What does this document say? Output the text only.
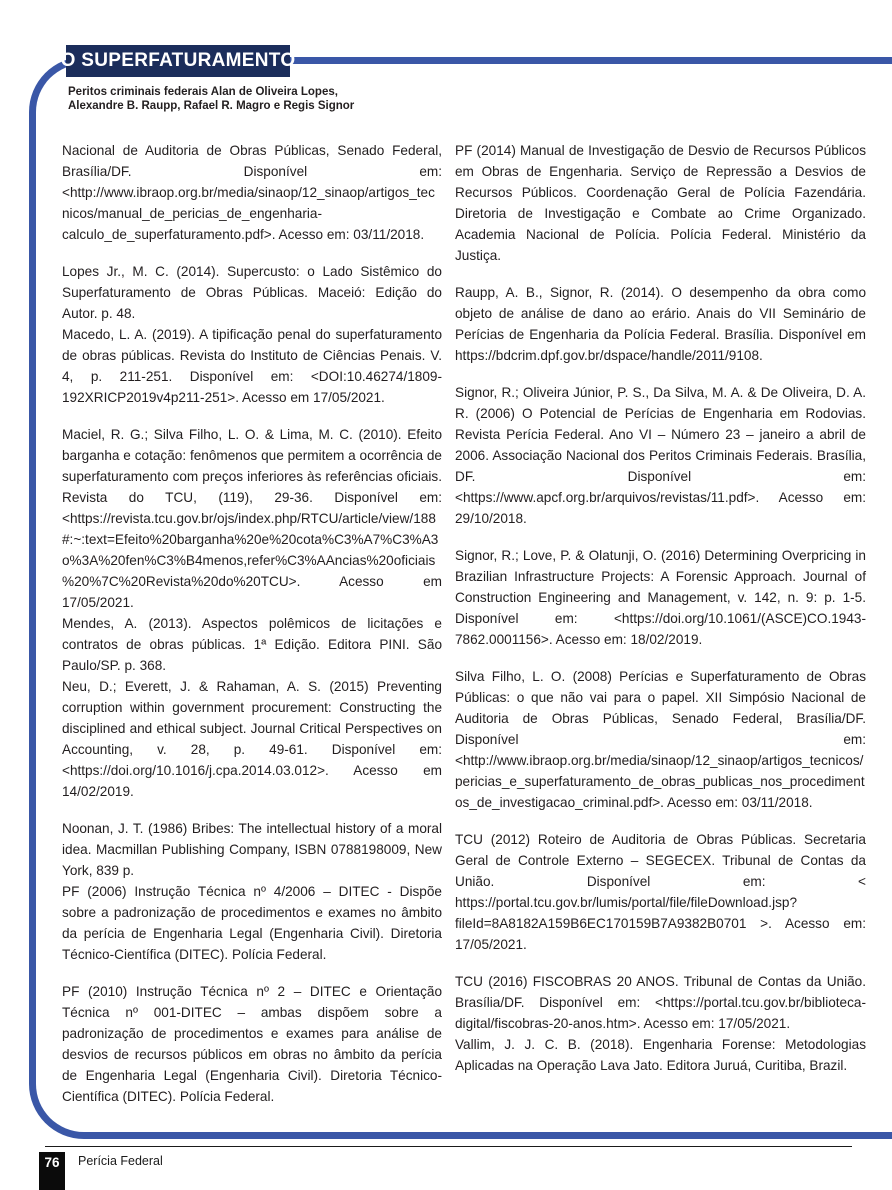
O SUPERFATURAMENTO
Peritos criminais federais Alan de Oliveira Lopes,
Alexandre B. Raupp, Rafael R. Magro e Regis Signor

Nacional de Auditoria de Obras Públicas, Senado Federal, Brasília/DF. Disponível em: <http://www.ibraop.org.br/media/sinaop/12_sinaop/artigos_tecnicos/manual_de_pericias_de_engenharia-calculo_de_superfaturamento.pdf>. Acesso em: 03/11/2018.

Lopes Jr., M. C. (2014). Supercusto: o Lado Sistêmico do Superfaturamento de Obras Públicas. Maceió: Edição do Autor. p. 48.

Macedo, L. A. (2019). A tipificação penal do superfaturamento de obras públicas. Revista do Instituto de Ciências Penais. V. 4, p. 211-251. Disponível em: <DOI:10.46274/1809-192XRICP2019v4p211-251>. Acesso em 17/05/2021.

Maciel, R. G.; Silva Filho, L. O. & Lima, M. C. (2010). Efeito barganha e cotação: fenômenos que permitem a ocorrência de superfaturamento com preços inferiores às referências oficiais. Revista do TCU, (119), 29-36. Disponível em: <https://revista.tcu.gov.br/ojs/index.php/RTCU/article/view/188#:~:text=Efeito%20barganha%20e%20cota%C3%A7%C3%A3o%3A%20fen%C3%B4menos,refer%C3%AAncias%20oficiais%20%7C%20Revista%20do%20TCU>. Acesso em 17/05/2021.

Mendes, A. (2013). Aspectos polêmicos de licitações e contratos de obras públicas. 1ª Edição. Editora PINI. São Paulo/SP. p. 368.

Neu, D.; Everett, J. & Rahaman, A. S. (2015) Preventing corruption within government procurement: Constructing the disciplined and ethical subject. Journal Critical Perspectives on Accounting, v. 28, p. 49-61. Disponível em: <https://doi.org/10.1016/j.cpa.2014.03.012>. Acesso em 14/02/2019.

Noonan, J. T. (1986) Bribes: The intellectual history of a moral idea. Macmillan Publishing Company, ISBN 0788198009, New York, 839 p.

PF (2006) Instrução Técnica nº 4/2006 – DITEC - Dispõe sobre a padronização de procedimentos e exames no âmbito da perícia de Engenharia Legal (Engenharia Civil). Diretoria Técnico-Científica (DITEC). Polícia Federal.

PF (2010) Instrução Técnica nº 2 – DITEC e Orientação Técnica nº 001-DITEC – ambas dispõem sobre a padronização de procedimentos e exames para análise de desvios de recursos públicos em obras no âmbito da perícia de Engenharia Legal (Engenharia Civil). Diretoria Técnico-Científica (DITEC). Polícia Federal.

PF (2014) Manual de Investigação de Desvio de Recursos Públicos em Obras de Engenharia. Serviço de Repressão a Desvios de Recursos Públicos. Coordenação Geral de Polícia Fazendária. Diretoria de Investigação e Combate ao Crime Organizado. Academia Nacional de Polícia. Polícia Federal. Ministério da Justiça.

Raupp, A. B., Signor, R. (2014). O desempenho da obra como objeto de análise de dano ao erário. Anais do VII Seminário de Perícias de Engenharia da Polícia Federal. Brasília. Disponível em https://bdcrim.dpf.gov.br/dspace/handle/2011/9108.

Signor, R.; Oliveira Júnior, P. S., Da Silva, M. A. & De Oliveira, D. A. R. (2006) O Potencial de Perícias de Engenharia em Rodovias. Revista Perícia Federal. Ano VI – Número 23 – janeiro a abril de 2006. Associação Nacional dos Peritos Criminais Federais. Brasília, DF. Disponível em: <https://www.apcf.org.br/arquivos/revistas/11.pdf>. Acesso em: 29/10/2018.

Signor, R.; Love, P. & Olatunji, O. (2016) Determining Overpricing in Brazilian Infrastructure Projects: A Forensic Approach. Journal of Construction Engineering and Management, v. 142, n. 9: p. 1-5. Disponível em: <https://doi.org/10.1061/(ASCE)CO.1943-7862.0001156>. Acesso em: 18/02/2019.

Silva Filho, L. O. (2008) Perícias e Superfaturamento de Obras Públicas: o que não vai para o papel. XII Simpósio Nacional de Auditoria de Obras Públicas, Senado Federal, Brasília/DF. Disponível em: <http://www.ibraop.org.br/media/sinaop/12_sinaop/artigos_tecnicos/pericias_e_superfaturamento_de_obras_publicas_nos_procedimentos_de_investigacao_criminal.pdf>. Acesso em: 03/11/2018.

TCU (2012) Roteiro de Auditoria de Obras Públicas. Secretaria Geral de Controle Externo – SEGECEX. Tribunal de Contas da União. Disponível em: < https://portal.tcu.gov.br/lumis/portal/file/fileDownload.jsp?fileId=8A8182A159B6EC170159B7A9382B0701 >. Acesso em: 17/05/2021.

TCU (2016) FISCOBRAS 20 ANOS. Tribunal de Contas da União. Brasília/DF. Disponível em: <https://portal.tcu.gov.br/biblioteca-digital/fiscobras-20-anos.htm>. Acesso em: 17/05/2021.

Vallim, J. J. C. B. (2018). Engenharia Forense: Metodologias Aplicadas na Operação Lava Jato. Editora Juruá, Curitiba, Brazil.

76	Perícia Federal
